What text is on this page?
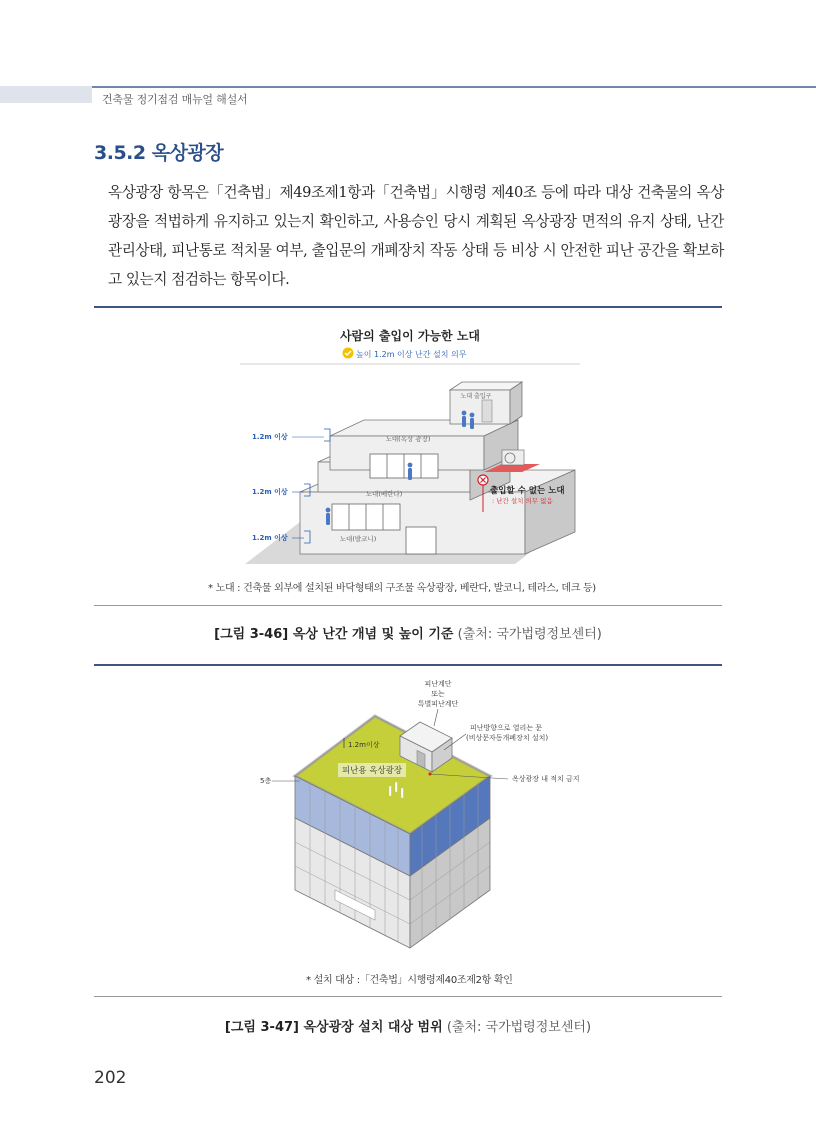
건축물 정기점검 매뉴얼 해설서
3.5.2 옥상광장
옥상광장 항목은「건축법」제49조제1항과「건축법」시행령 제40조 등에 따라 대상 건축물의 옥상광장을 적법하게 유지하고 있는지 확인하고, 사용승인 당시 계획된 옥상광장 면적의 유지 상태, 난간 관리상태, 피난통로 적치물 여부, 출입문의 개폐장치 작동 상태 등 비상 시 안전한 피난 공간을 확보하고 있는지 점검하는 항목이다.
사람의 출입이 가능한 노대
높이 1.2m 이상 난간 설치 의무
노대 출입구
출입할 수 없는 노대
: 난간 설치 의무 없음
노대(옥상 광장)
노대(베란다)
노대(발코니)
1.2m 이상
1.2m 이상
1.2m 이상
* 노대 : 건축물 외부에 설치된 바닥형태의 구조물 옥상광장, 베란다, 발코니, 테라스, 데크 등)
[그림 3-46] 옥상 난간 개념 및 높이 기준 (출처: 국가법령정보센터)
피난용 옥상광장
1.2m이상
피난계단
또는
특별피난계단
피난방향으로 열리는 문
(비상문자동개폐장치 설치)
5층	옥상광장 내 적치 금지
* 설치 대상 :「건축법」시행령제40조제2항 확인
[그림 3-47] 옥상광장 설치 대상 범위 (출처: 국가법령정보센터)
202
